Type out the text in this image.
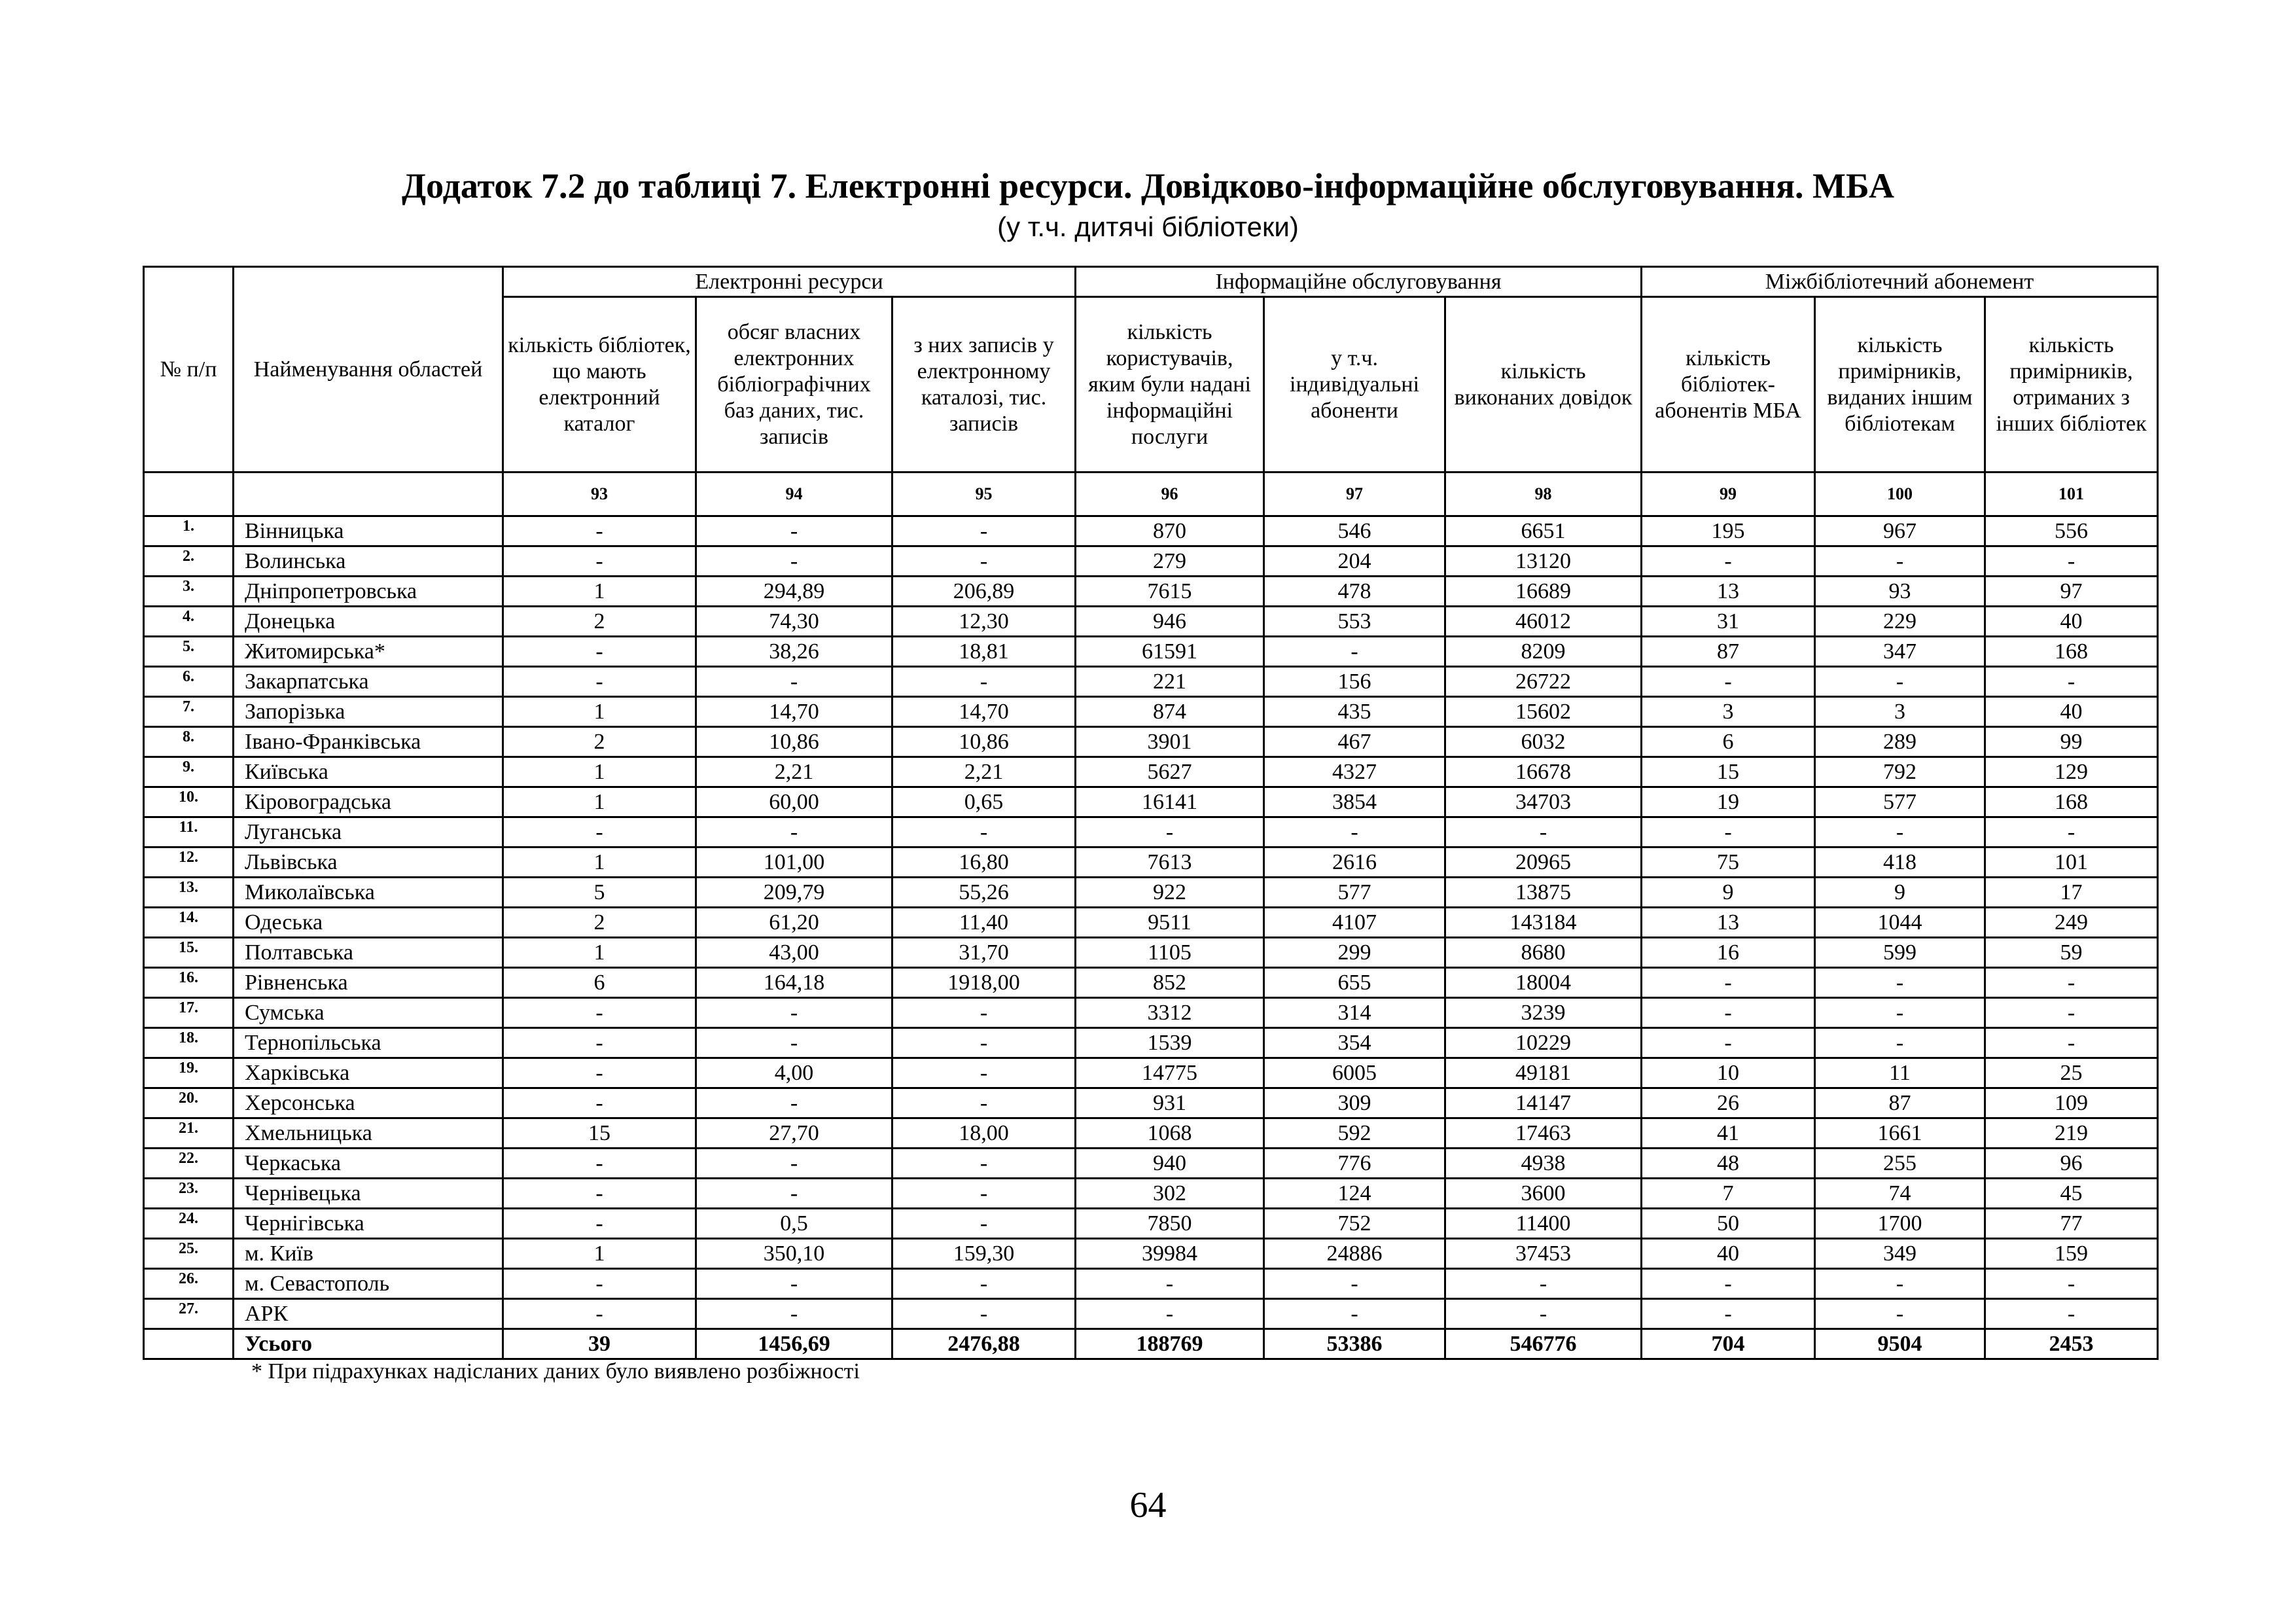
Додаток 7.2 до таблиці 7. Електронні ресурси. Довідково-інформаційне обслуговування. МБА
(у т.ч. дитячі бібліотеки)
№ п/п	Найменування областей	Електронні ресурси			Інформаційне обслуговування			Міжбібліотечний абонемент		
		кількість бібліотек, що мають електронний каталог	обсяг власних електронних бібліографічних баз даних, тис. записів	з них записів у електронному каталозі, тис. записів	кількість користувачів, яким були надані інформаційні послуги	у т.ч. індивідуальні абоненти	кількість виконаних довідок	кількість бібліотек-абонентів МБА	кількість примірників, виданих іншим бібліотекам	кількість примірників, отриманих з інших бібліотек
		93	94	95	96	97	98	99	100	101
1.	Вінницька	-	-	-	870	546	6651	195	967	556
2.	Волинська	-	-	-	279	204	13120	-	-	-
3.	Дніпропетровська	1	294,89	206,89	7615	478	16689	13	93	97
4.	Донецька	2	74,30	12,30	946	553	46012	31	229	40
5.	Житомирська*	-	38,26	18,81	61591	-	8209	87	347	168
6.	Закарпатська	-	-	-	221	156	26722	-	-	-
7.	Запорізька	1	14,70	14,70	874	435	15602	3	3	40
8.	Івано-Франківська	2	10,86	10,86	3901	467	6032	6	289	99
9.	Київська	1	2,21	2,21	5627	4327	16678	15	792	129
10.	Кіровоградська	1	60,00	0,65	16141	3854	34703	19	577	168
11.	Луганська	-	-	-	-	-	-	-	-	-
12.	Львівська	1	101,00	16,80	7613	2616	20965	75	418	101
13.	Миколаївська	5	209,79	55,26	922	577	13875	9	9	17
14.	Одеська	2	61,20	11,40	9511	4107	143184	13	1044	249
15.	Полтавська	1	43,00	31,70	1105	299	8680	16	599	59
16.	Рівненська	6	164,18	1918,00	852	655	18004	-	-	-
17.	Сумська	-	-	-	3312	314	3239	-	-	-
18.	Тернопільська	-	-	-	1539	354	10229	-	-	-
19.	Харківська	-	4,00	-	14775	6005	49181	10	11	25
20.	Херсонська	-	-	-	931	309	14147	26	87	109
21.	Хмельницька	15	27,70	18,00	1068	592	17463	41	1661	219
22.	Черкаська	-	-	-	940	776	4938	48	255	96
23.	Чернівецька	-	-	-	302	124	3600	7	74	45
24.	Чернігівська	-	0,5	-	7850	752	11400	50	1700	77
25.	м. Київ	1	350,10	159,30	39984	24886	37453	40	349	159
26.	м. Севастополь	-	-	-	-	-	-	-	-	-
27.	АРК	-	-	-	-	-	-	-	-	-
	Усього	39	1456,69	2476,88	188769	53386	546776	704	9504	2453
* При підрахунках надісланих даних було виявлено розбіжності
64
